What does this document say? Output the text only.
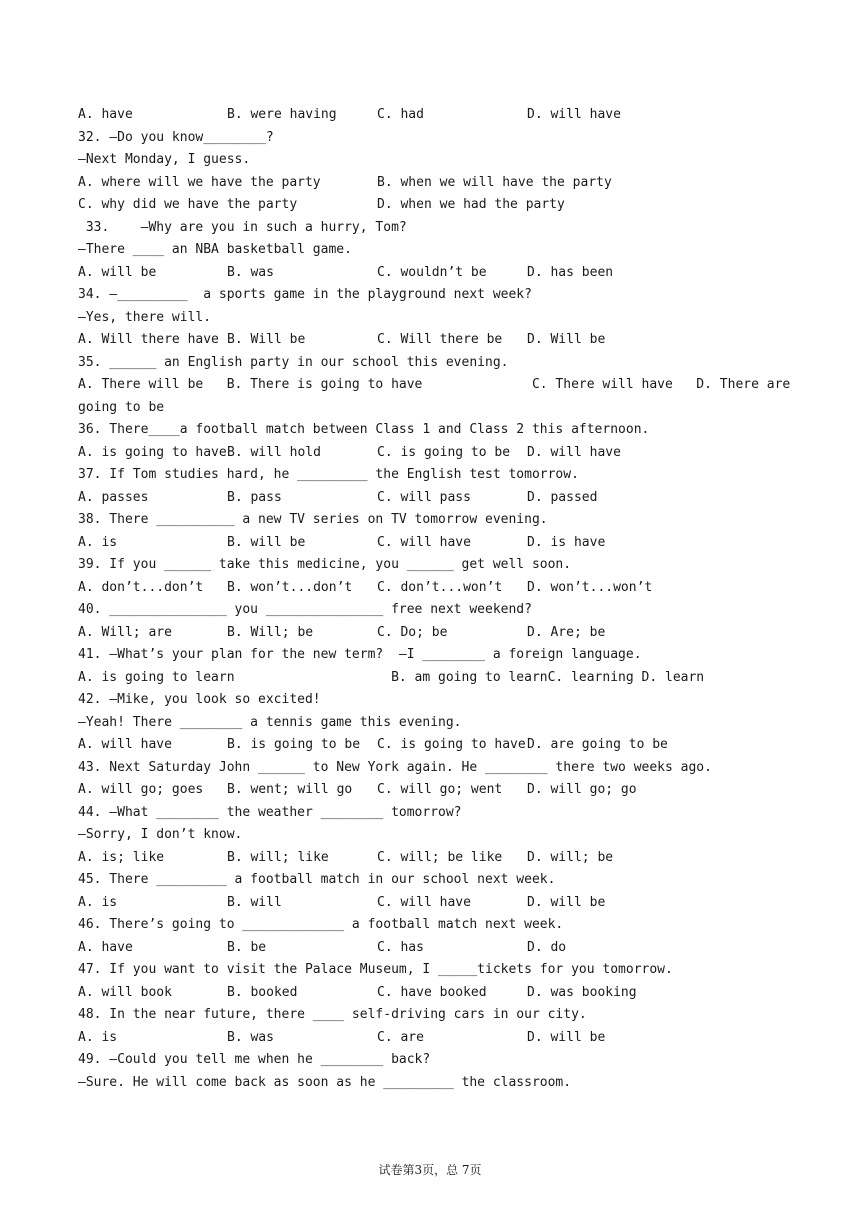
A. have	B. were having	C. had	D. will have
32. —Do you know________?
—Next Monday, I guess.
A. where will we have the party	B. when we will have the party
C. why did we have the party	D. when we had the party
33.    —Why are you in such a hurry, Tom?
—There ____ an NBA basketball game.
A. will be	B. was	C. wouldn’t be	D. has been
34. —_________  a sports game in the playground next week?
—Yes, there will.
A. Will there have B. Will be	C. Will there be D. Will be
35. ______ an English party in our school this evening.
A. There will be   B. There is going to have              C. There will have   D. There are
going to be
36. There____a football match between Class 1 and Class 2 this afternoon.
A. is going to have B. will hold	C. is going to be D. will have
37. If Tom studies hard, he _________ the English test tomorrow.
A. passes	B. pass	C. will pass	D. passed
38. There __________ a new TV series on TV tomorrow evening.
A. is	B. will be	C. will have	D. is have
39. If you ______ take this medicine, you ______ get well soon.
A. don’t...don’t B. won’t...don’t C. don’t...won’t D. won’t...won’t
40. _______________ you _______________ free next weekend?
A. Will; are	B. Will; be	C. Do; be	D. Are; be
41. —What’s your plan for the new term?  —I ________ a foreign language.
A. is going to learn                    B. am going to learnC. learning D. learn
42. —Mike, you look so excited!
—Yeah! There ________ a tennis game this evening.
A. will have	B. is going to be C. is going to have D. are going to be
43. Next Saturday John ______ to New York again. He ________ there two weeks ago.
A. will go; goes B. went; will go C. will go; went D. will go; go
44. —What ________ the weather ________ tomorrow?
—Sorry, I don’t know.
A. is; like	B. will; like	C. will; be like D. will; be
45. There _________ a football match in our school next week.
A. is	B. will	C. will have	D. will be
46. There’s going to _____________ a football match next week.
A. have	B. be	C. has	D. do
47. If you want to visit the Palace Museum, I _____tickets for you tomorrow.
A. will book	B. booked	C. have booked	D. was booking
48. In the near future, there ____ self-driving cars in our city.
A. is	B. was	C. are	D. will be
49. —Could you tell me when he ________ back?
—Sure. He will come back as soon as he _________ the classroom.
试卷第3页，总 7页
